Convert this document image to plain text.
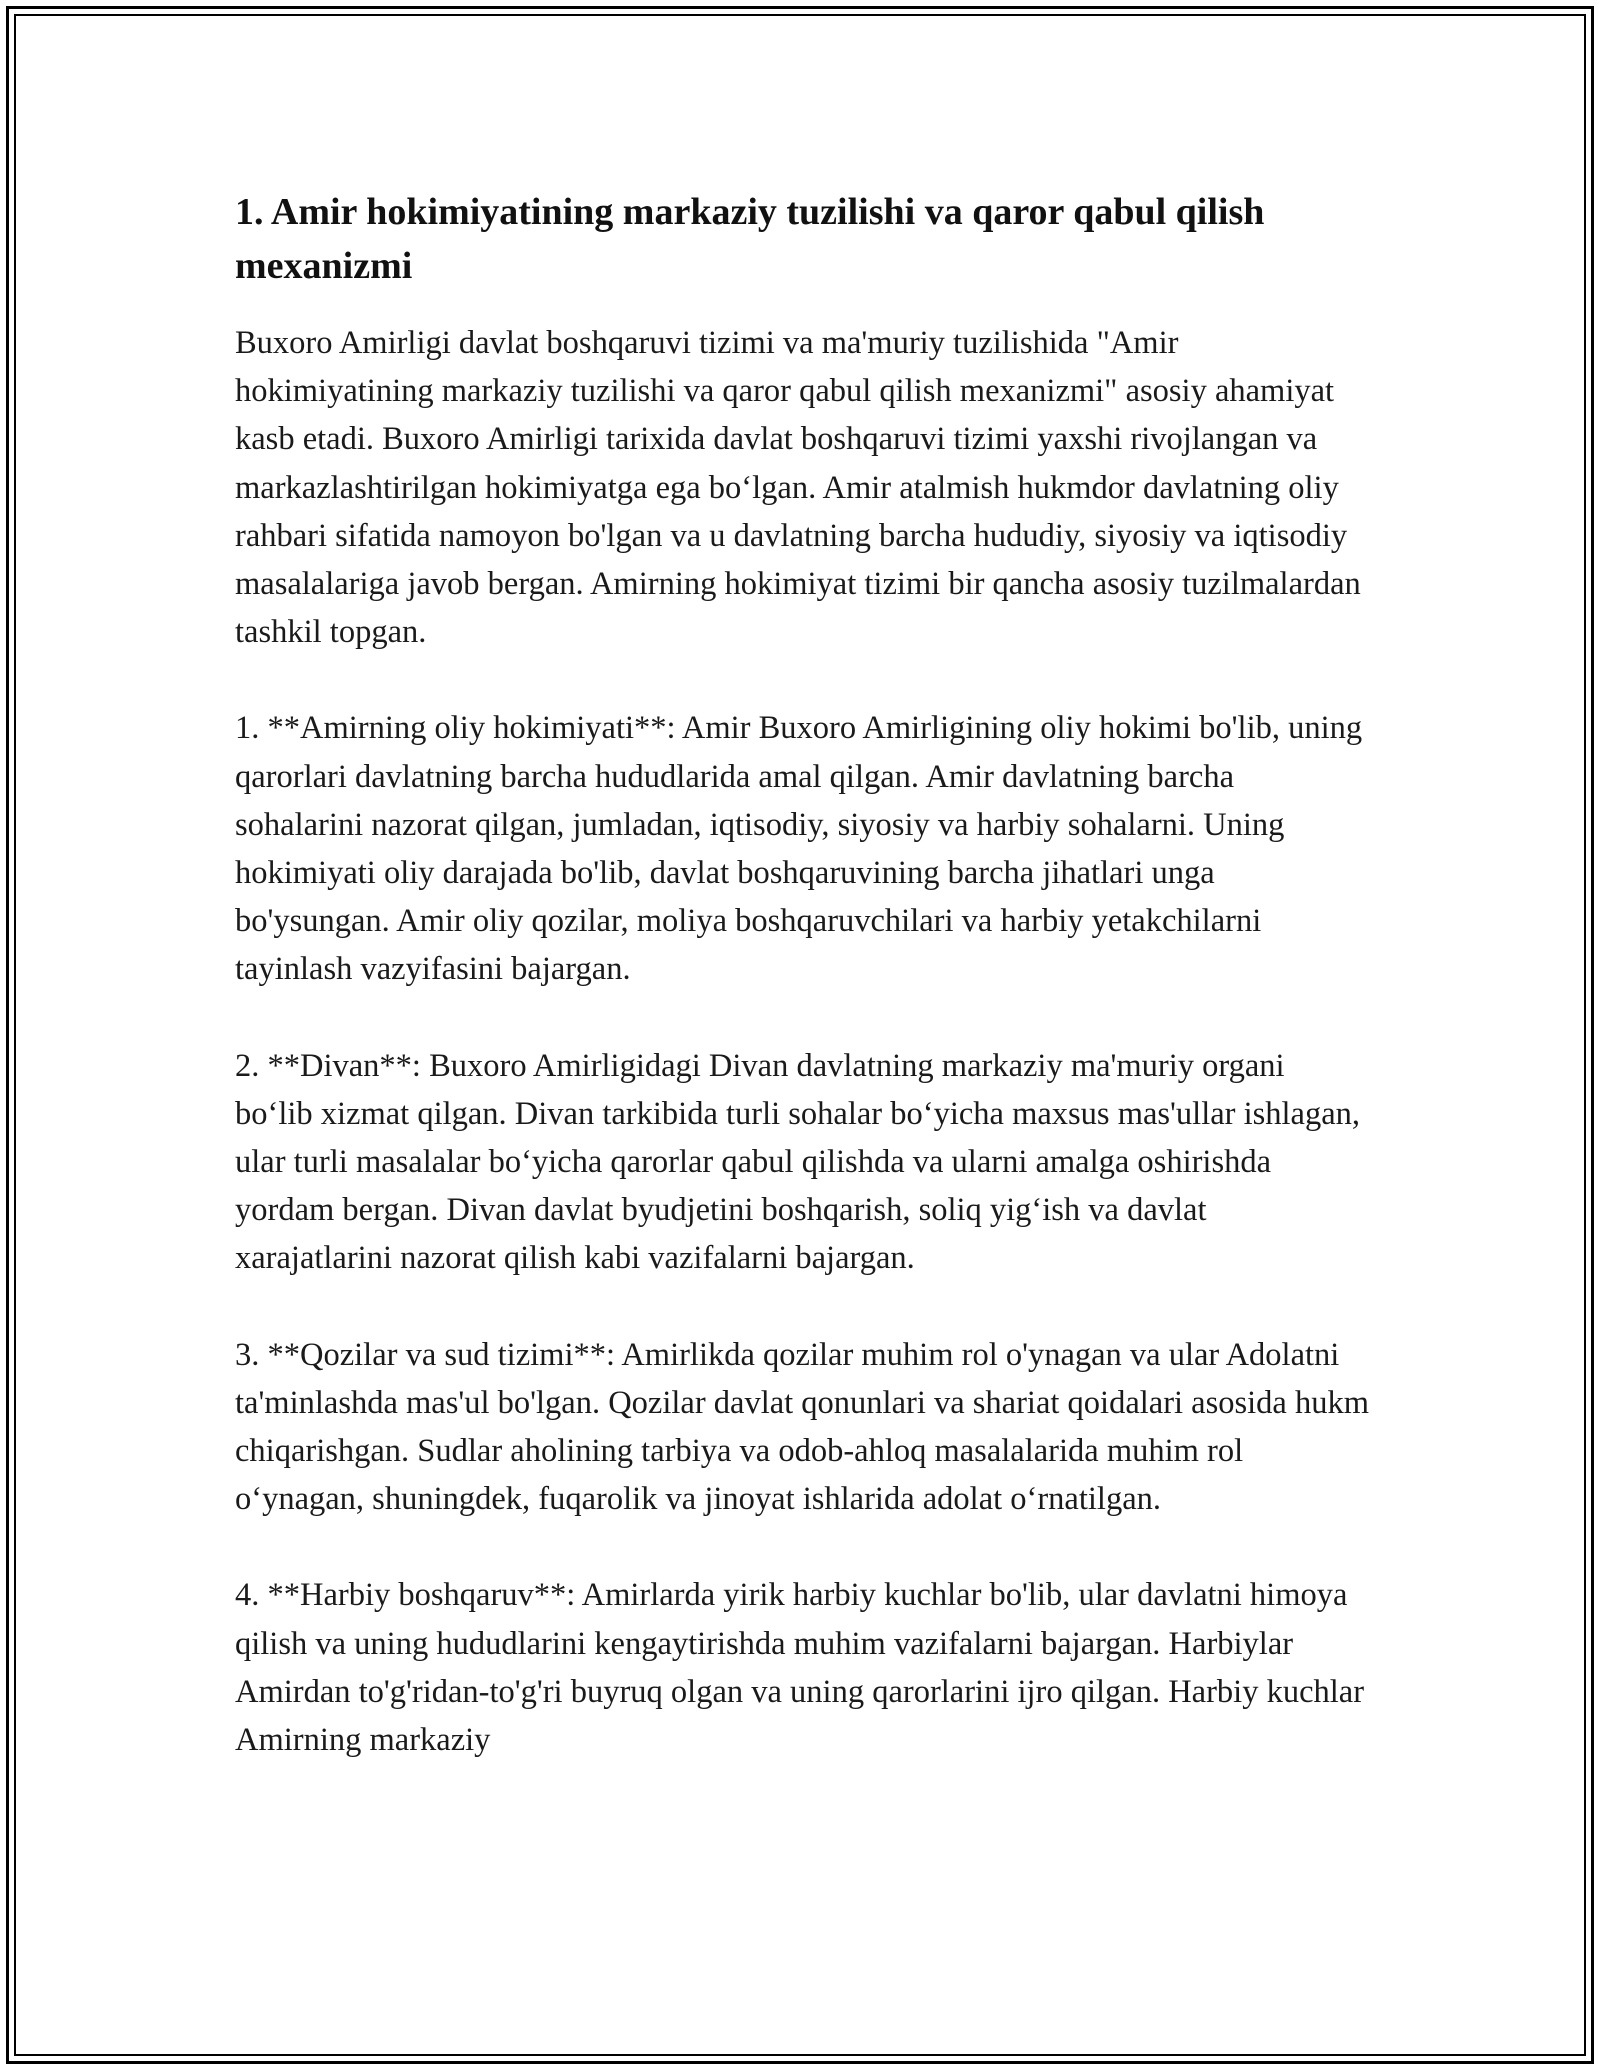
1. Amir hokimiyatining markaziy tuzilishi va qaror qabul qilish mexanizmi

Buxoro Amirligi davlat boshqaruvi tizimi va ma'muriy tuzilishida "Amir hokimiyatining markaziy tuzilishi va qaror qabul qilish mexanizmi" asosiy ahamiyat kasb etadi. Buxoro Amirligi tarixida davlat boshqaruvi tizimi yaxshi rivojlangan va markazlashtirilgan hokimiyatga ega bo‘lgan. Amir atalmish hukmdor davlatning oliy rahbari sifatida namoyon bo'lgan va u davlatning barcha hududiy, siyosiy va iqtisodiy masalalariga javob bergan. Amirning hokimiyat tizimi bir qancha asosiy tuzilmalardan tashkil topgan.

1. **Amirning oliy hokimiyati**: Amir Buxoro Amirligining oliy hokimi bo'lib, uning qarorlari davlatning barcha hududlarida amal qilgan. Amir davlatning barcha sohalarini nazorat qilgan, jumladan, iqtisodiy, siyosiy va harbiy sohalarni. Uning hokimiyati oliy darajada bo'lib, davlat boshqaruvining barcha jihatlari unga bo'ysungan. Amir oliy qozilar, moliya boshqaruvchilari va harbiy yetakchilarni tayinlash vazyifasini bajargan.

2. **Divan**: Buxoro Amirligidagi Divan davlatning markaziy ma'muriy organi bo‘lib xizmat qilgan. Divan tarkibida turli sohalar bo‘yicha maxsus mas'ullar ishlagan, ular turli masalalar bo‘yicha qarorlar qabul qilishda va ularni amalga oshirishda yordam bergan. Divan davlat byudjetini boshqarish, soliq yig‘ish va davlat xarajatlarini nazorat qilish kabi vazifalarni bajargan.

3. **Qozilar va sud tizimi**: Amirlikda qozilar muhim rol o'ynagan va ular Adolatni ta'minlashda mas'ul bo'lgan. Qozilar davlat qonunlari va shariat qoidalari asosida hukm chiqarishgan. Sudlar aholining tarbiya va odob-ahloq masalalarida muhim rol o‘ynagan, shuningdek, fuqarolik va jinoyat ishlarida adolat o‘rnatilgan.

4. **Harbiy boshqaruv**: Amirlarda yirik harbiy kuchlar bo'lib, ular davlatni himoya qilish va uning hududlarini kengaytirishda muhim vazifalarni bajargan. Harbiylar Amirdan to'g'ridan-to'g'ri buyruq olgan va uning qarorlarini ijro qilgan. Harbiy kuchlar Amirning markaziy
